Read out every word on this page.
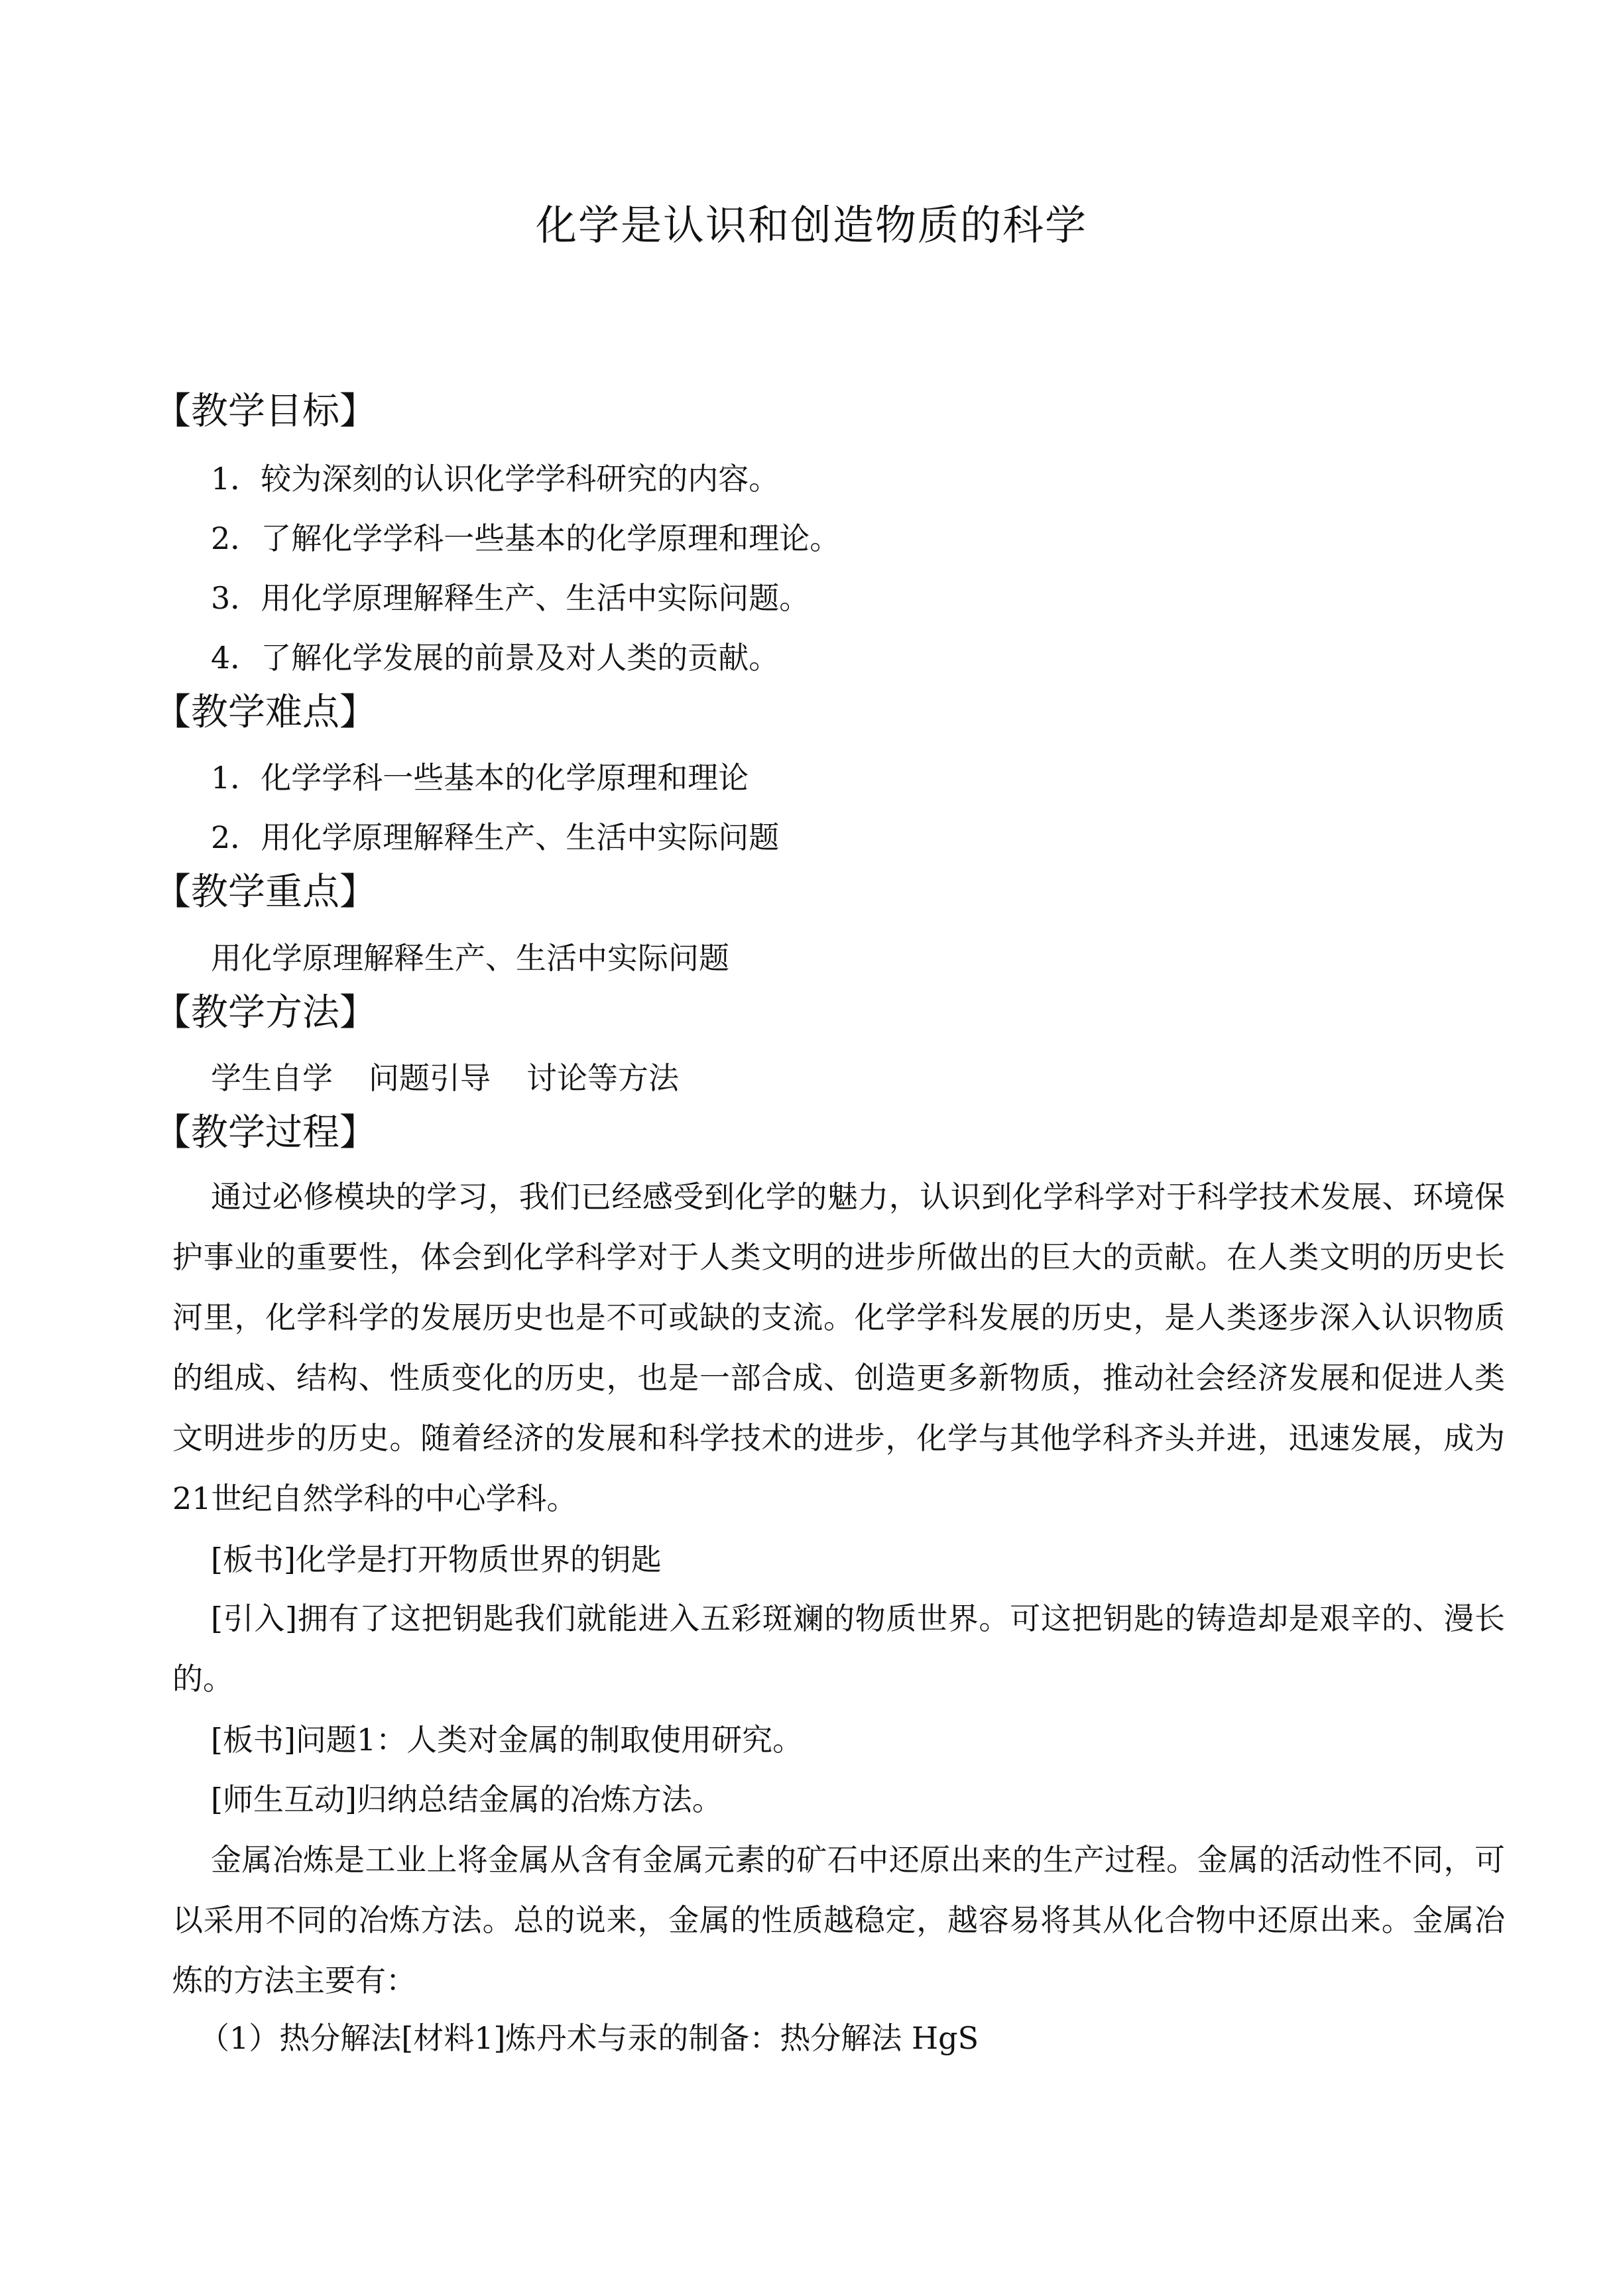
化学是认识和创造物质的科学
【教学目标】
1．较为深刻的认识化学学科研究的内容。
2．了解化学学科一些基本的化学原理和理论。
3．用化学原理解释生产、生活中实际问题。
4．了解化学发展的前景及对人类的贡献。
【教学难点】
1．化学学科一些基本的化学原理和理论
2．用化学原理解释生产、生活中实际问题
【教学重点】
用化学原理解释生产、生活中实际问题
【教学方法】
学生自学 问题引导 讨论等方法
【教学过程】

通过必修模块的学习，我们已经感受到化学的魅力，认识到化学科学对于科学技术发展、环境保护事业的重要性，体会到化学科学对于人类文明的进步所做出的巨大的贡献。在人类文明的历史长河里，化学科学的发展历史也是不可或缺的支流。化学学科发展的历史，是人类逐步深入认识物质的组成、结构、性质变化的历史，也是一部合成、创造更多新物质，推动社会经济发展和促进人类文明进步的历史。随着经济的发展和科学技术的进步，化学与其他学科齐头并进，迅速发展，成为21世纪自然学科的中心学科。

[板书]化学是打开物质世界的钥匙

[引入]拥有了这把钥匙我们就能进入五彩斑斓的物质世界。可这把钥匙的铸造却是艰辛的、漫长的。

[板书]问题1：人类对金属的制取使用研究。
[师生互动]归纳总结金属的冶炼方法。

金属冶炼是工业上将金属从含有金属元素的矿石中还原出来的生产过程。金属的活动性不同，可以采用不同的冶炼方法。总的说来，金属的性质越稳定，越容易将其从化合物中还原出来。金属冶炼的方法主要有：

（1）热分解法[材料1]炼丹术与汞的制备：热分解法 HgS
